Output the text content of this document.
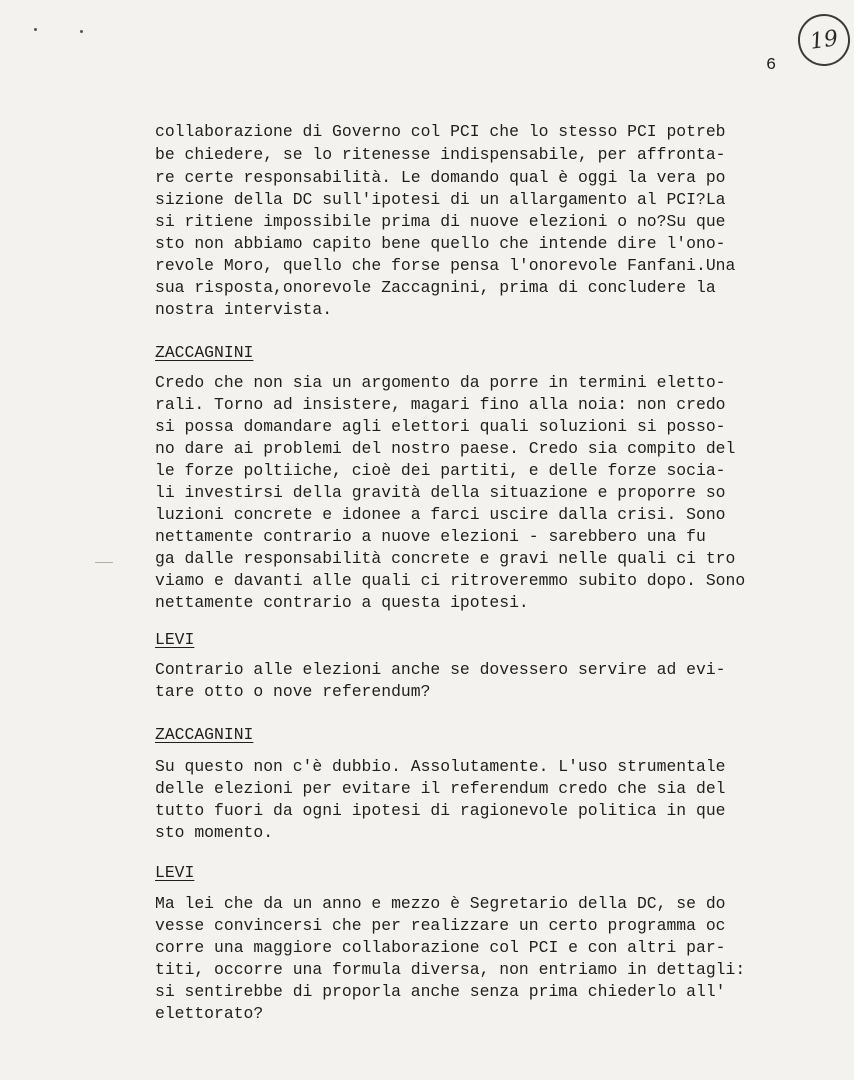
19
6
collaborazione di Governo col PCI che lo stesso PCI potreb
be chiedere, se lo ritenesse indispensabile, per affronta-
re certe responsabilità. Le domando qual è oggi la vera po
sizione della DC sull'ipotesi di un allargamento al PCI?La
si ritiene impossibile prima di nuove elezioni o no?Su que
sto non abbiamo capito bene quello che intende dire l'ono-
revole Moro, quello che forse pensa l'onorevole Fanfani.Una
sua risposta,onorevole Zaccagnini, prima di concludere la
nostra intervista.
ZACCAGNINI
Credo che non sia un argomento da porre in termini eletto-
rali. Torno ad insistere, magari fino alla noia: non credo
si possa domandare agli elettori quali soluzioni si posso-
no dare ai problemi del nostro paese. Credo sia compito del
le forze poltiiche, cioè dei partiti, e delle forze socia-
li investirsi della gravità della situazione e proporre so
luzioni concrete e idonee a farci uscire dalla crisi. Sono
nettamente contrario a nuove elezioni - sarebbero una fu
ga dalle responsabilità concrete e gravi nelle quali ci tro
viamo e davanti alle quali ci ritroveremmo subito dopo. Sono
nettamente contrario a questa ipotesi.
LEVI
Contrario alle elezioni anche se dovessero servire ad evi-
tare otto o nove referendum?
ZACCAGNINI
Su questo non c'è dubbio. Assolutamente. L'uso strumentale
delle elezioni per evitare il referendum credo che sia del
tutto fuori da ogni ipotesi di ragionevole politica in que
sto momento.
LEVI
Ma lei che da un anno e mezzo è Segretario della DC, se do
vesse convincersi che per realizzare un certo programma oc
corre una maggiore collaborazione col PCI e con altri par-
titi, occorre una formula diversa, non entriamo in dettagli:
si sentirebbe di proporla anche senza prima chiederlo all'
elettorato?
